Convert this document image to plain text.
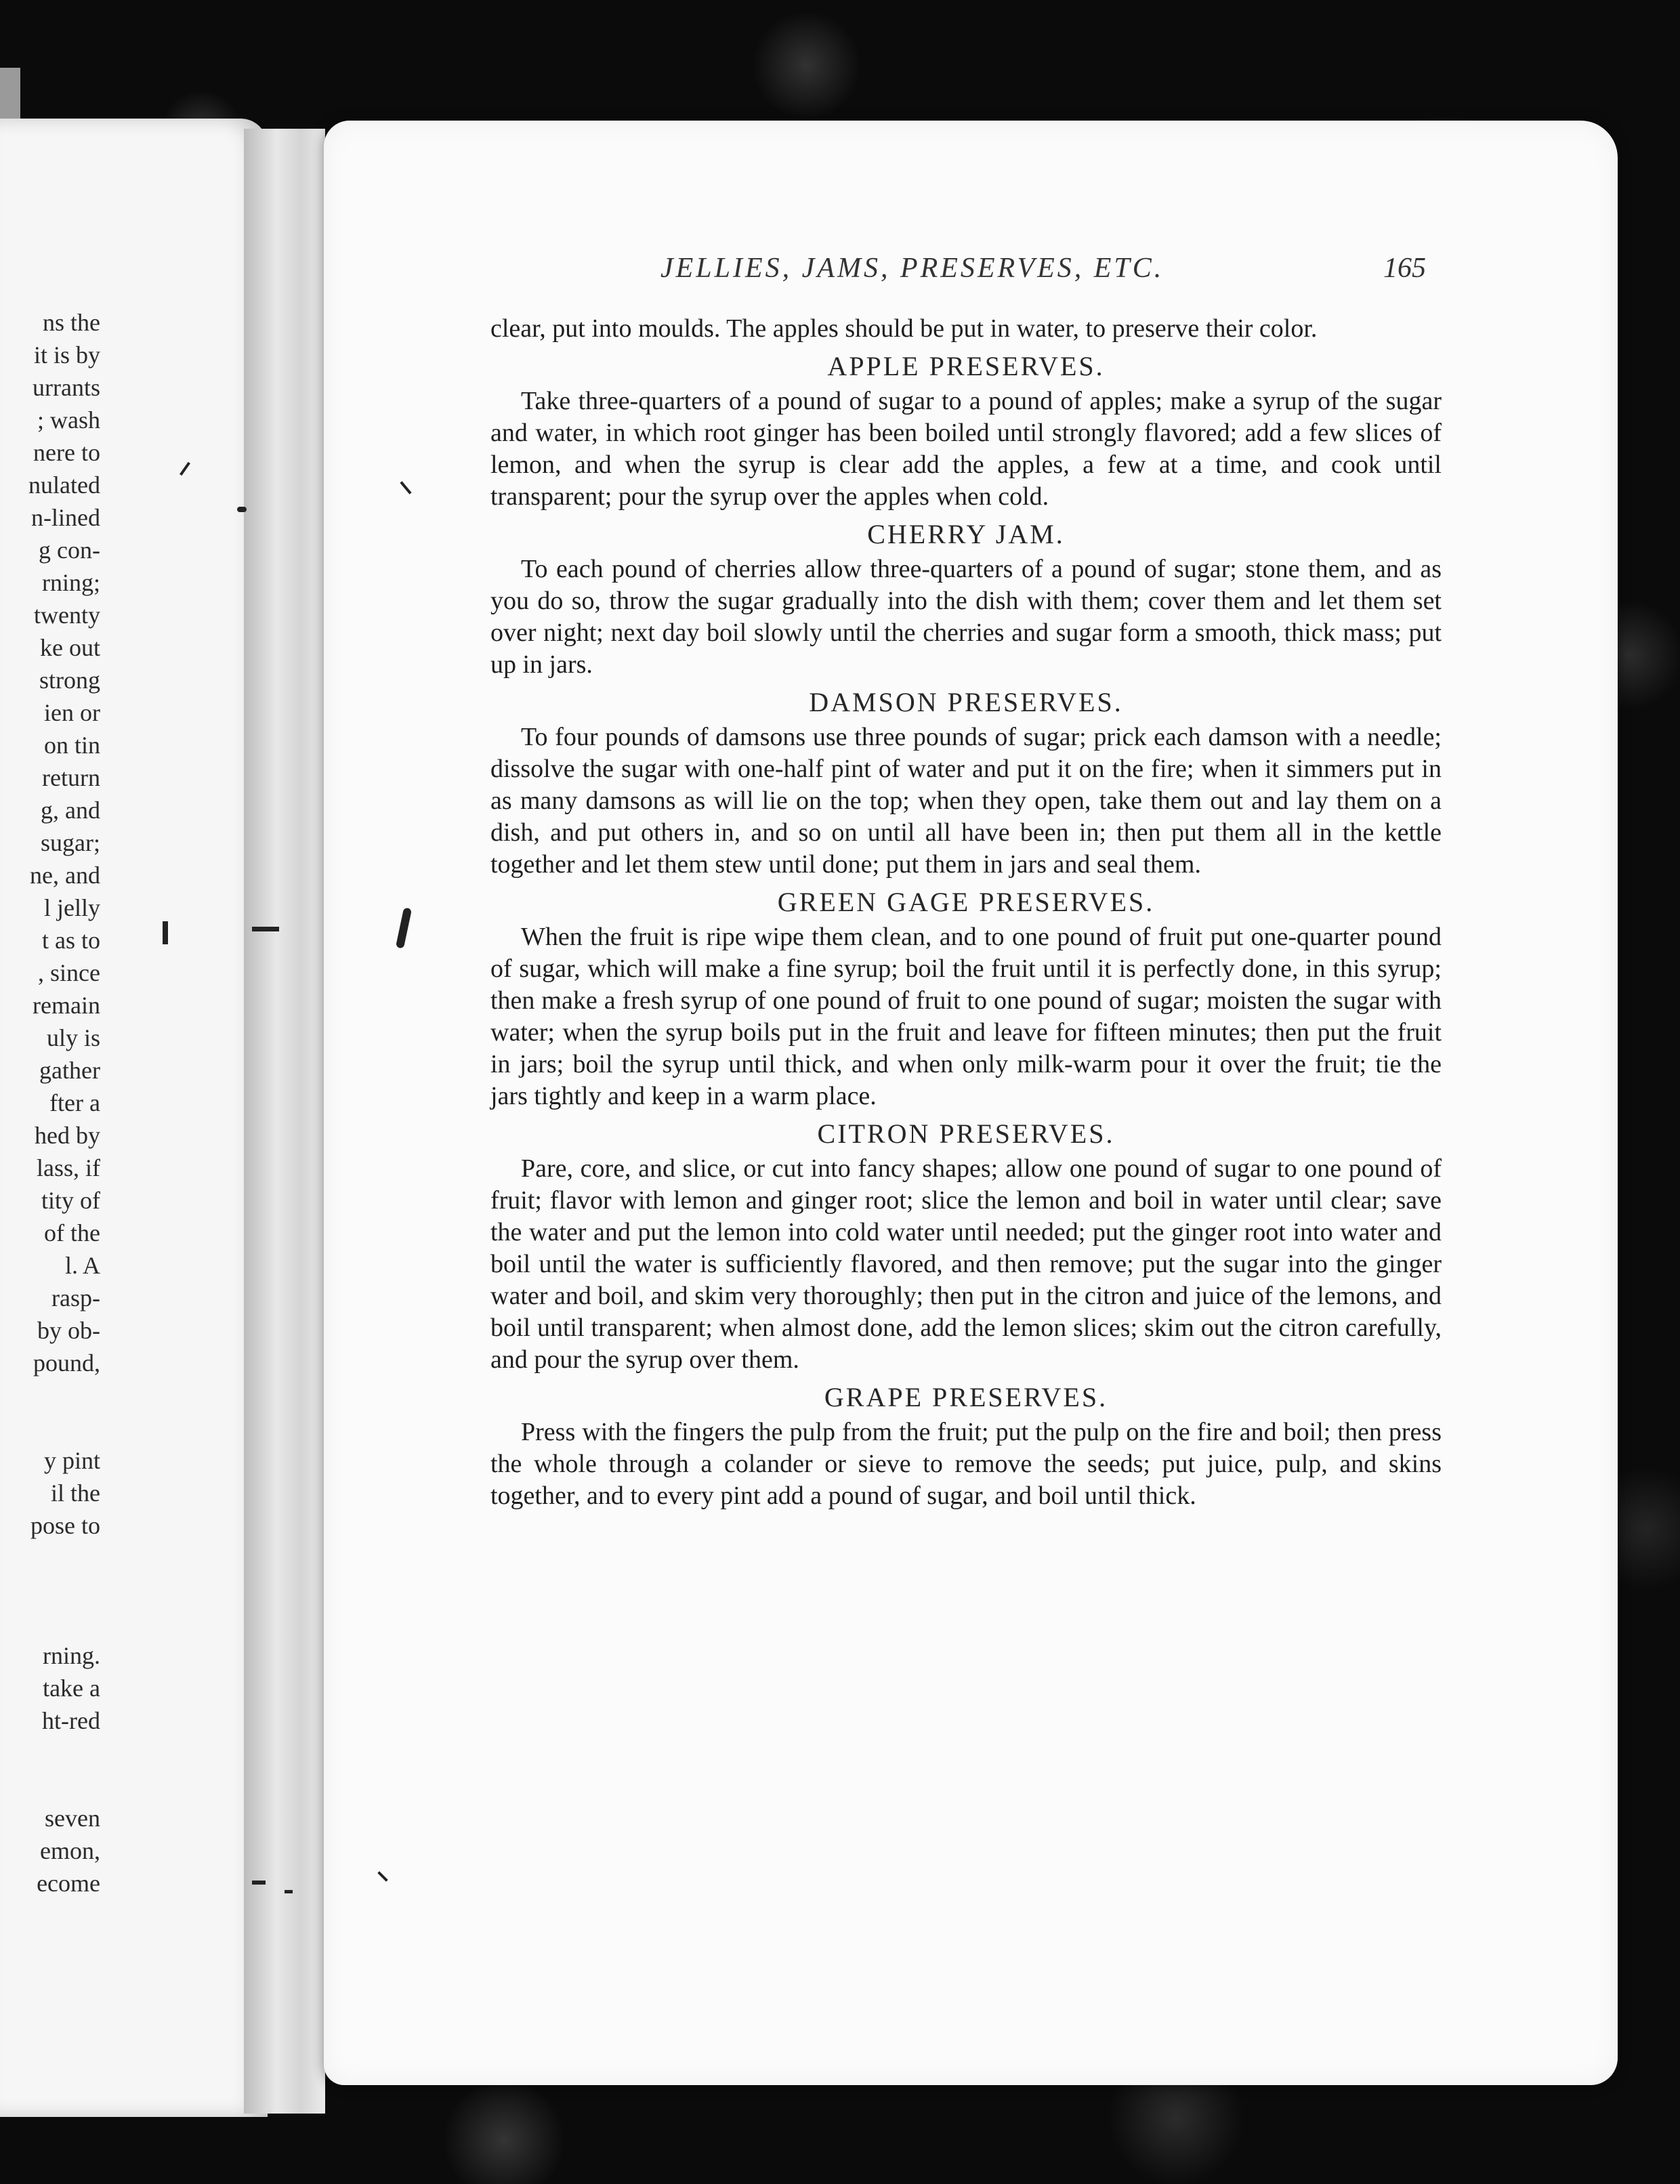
ns the
it is by
urrants
; wash
nere to
nulated
n-lined
g con-
rning;
twenty
ke out
strong
ien or
on tin
return
g, and
sugar;
ne, and
l jelly
t as to
, since
remain
uly is
gather
fter a
hed by
lass, if
tity of
of the
l. A
rasp-
by ob-
pound,
y pint
il the
pose to
rning.
take a
ht-red
seven
emon,
ecome
JELLIES, JAMS, PRESERVES, ETC.	165

clear, put into moulds. The apples should be put in water, to preserve their color.

APPLE PRESERVES.

Take three-quarters of a pound of sugar to a pound of apples; make a syrup of the sugar and water, in which root ginger has been boiled until strongly flavored; add a few slices of lemon, and when the syrup is clear add the apples, a few at a time, and cook until transparent; pour the syrup over the apples when cold.

CHERRY JAM.

To each pound of cherries allow three-quarters of a pound of sugar; stone them, and as you do so, throw the sugar gradually into the dish with them; cover them and let them set over night; next day boil slowly until the cherries and sugar form a smooth, thick mass; put up in jars.

DAMSON PRESERVES.

To four pounds of damsons use three pounds of sugar; prick each damson with a needle; dissolve the sugar with one-half pint of water and put it on the fire; when it simmers put in as many damsons as will lie on the top; when they open, take them out and lay them on a dish, and put others in, and so on until all have been in; then put them all in the kettle together and let them stew until done; put them in jars and seal them.

GREEN GAGE PRESERVES.

When the fruit is ripe wipe them clean, and to one pound of fruit put one-quarter pound of sugar, which will make a fine syrup; boil the fruit until it is perfectly done, in this syrup; then make a fresh syrup of one pound of fruit to one pound of sugar; moisten the sugar with water; when the syrup boils put in the fruit and leave for fifteen minutes; then put the fruit in jars; boil the syrup until thick, and when only milk-warm pour it over the fruit; tie the jars tightly and keep in a warm place.

CITRON PRESERVES.

Pare, core, and slice, or cut into fancy shapes; allow one pound of sugar to one pound of fruit; flavor with lemon and ginger root; slice the lemon and boil in water until clear; save the water and put the lemon into cold water until needed; put the ginger root into water and boil until the water is sufficiently flavored, and then remove; put the sugar into the ginger water and boil, and skim very thoroughly; then put in the citron and juice of the lemons, and boil until transparent; when almost done, add the lemon slices; skim out the citron carefully, and pour the syrup over them.

GRAPE PRESERVES.

Press with the fingers the pulp from the fruit; put the pulp on the fire and boil; then press the whole through a colander or sieve to remove the seeds; put juice, pulp, and skins together, and to every pint add a pound of sugar, and boil until thick.
